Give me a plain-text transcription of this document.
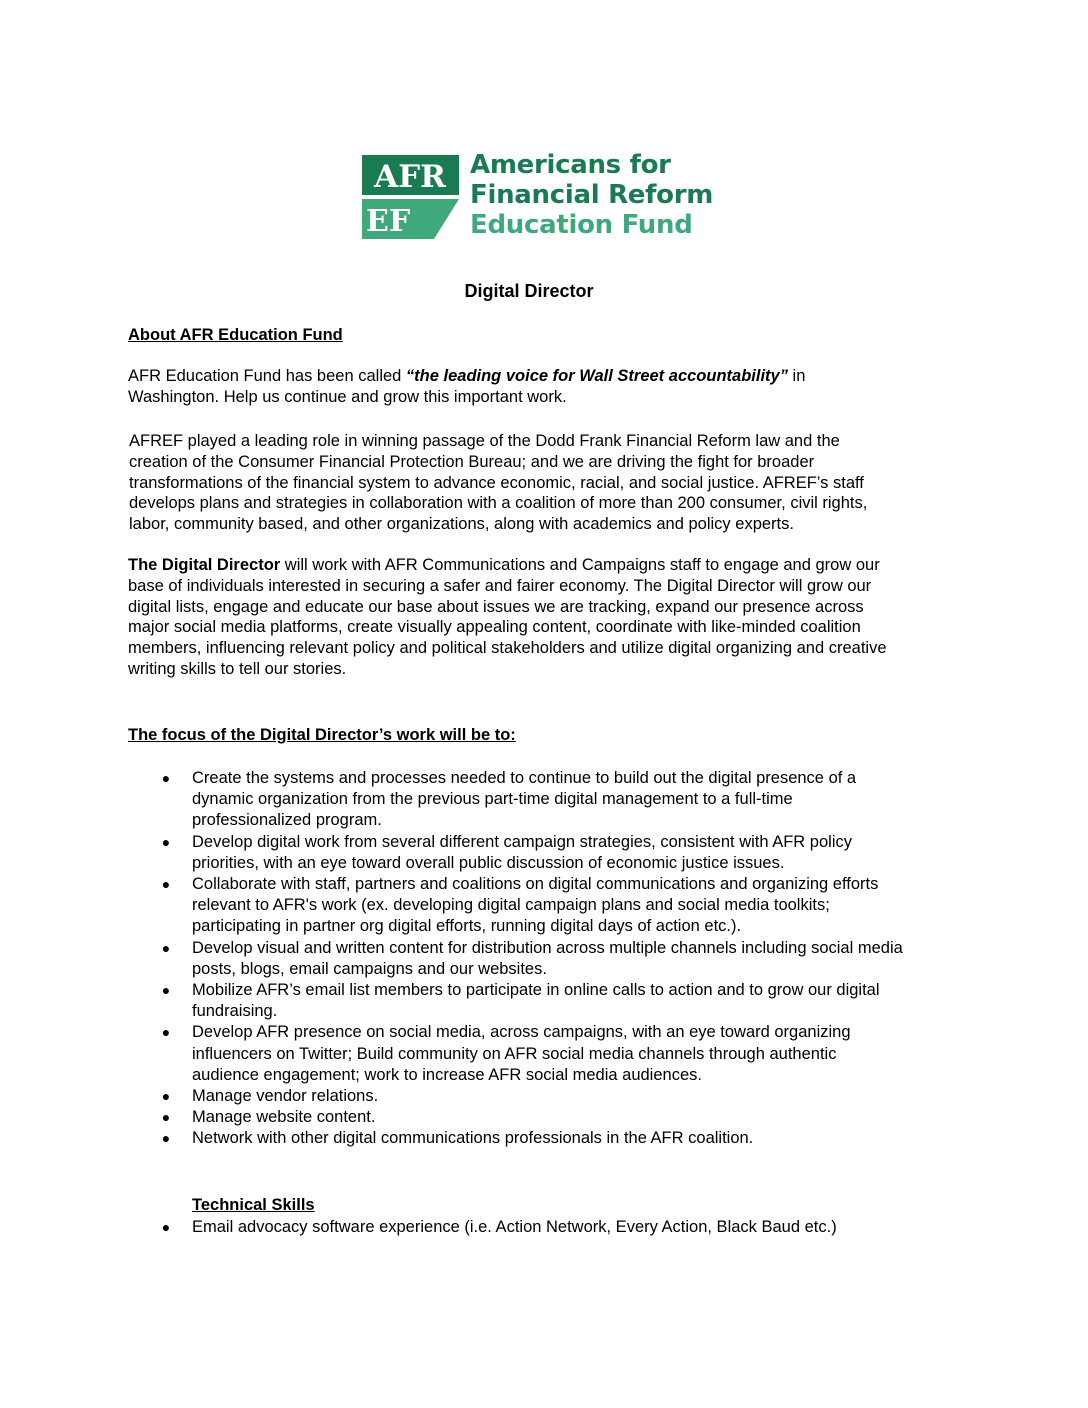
AFR
EF
Americans for
Financial Reform
Education Fund
Digital Director
About AFR Education Fund
AFR Education Fund has been called “the leading voice for Wall Street accountability” in
Washington. Help us continue and grow this important work.
AFREF played a leading role in winning passage of the Dodd Frank Financial Reform law and the
creation of the Consumer Financial Protection Bureau; and we are driving the fight for broader
transformations of the financial system to advance economic, racial, and social justice. AFREF’s staff
develops plans and strategies in collaboration with a coalition of more than 200 consumer, civil rights,
labor, community based, and other organizations, along with academics and policy experts.
The Digital Director will work with AFR Communications and Campaigns staff to engage and grow our
base of individuals interested in securing a safer and fairer economy. The Digital Director will grow our
digital lists, engage and educate our base about issues we are tracking, expand our presence across
major social media platforms, create visually appealing content, coordinate with like-minded coalition
members, influencing relevant policy and political stakeholders and utilize digital organizing and creative
writing skills to tell our stories.
The focus of the Digital Director’s work will be to:
● Create the systems and processes needed to continue to build out the digital presence of a
dynamic organization from the previous part-time digital management to a full-time
professionalized program.
● Develop digital work from several different campaign strategies, consistent with AFR policy
priorities, with an eye toward overall public discussion of economic justice issues.
● Collaborate with staff, partners and coalitions on digital communications and organizing efforts
relevant to AFR's work (ex. developing digital campaign plans and social media toolkits;
participating in partner org digital efforts, running digital days of action etc.).
● Develop visual and written content for distribution across multiple channels including social media
posts, blogs, email campaigns and our websites.
● Mobilize AFR’s email list members to participate in online calls to action and to grow our digital
fundraising.
● Develop AFR presence on social media, across campaigns, with an eye toward organizing
influencers on Twitter; Build community on AFR social media channels through authentic
audience engagement; work to increase AFR social media audiences.
● Manage vendor relations.
● Manage website content.
● Network with other digital communications professionals in the AFR coalition.
Technical Skills
● Email advocacy software experience (i.e. Action Network, Every Action, Black Baud etc.)
